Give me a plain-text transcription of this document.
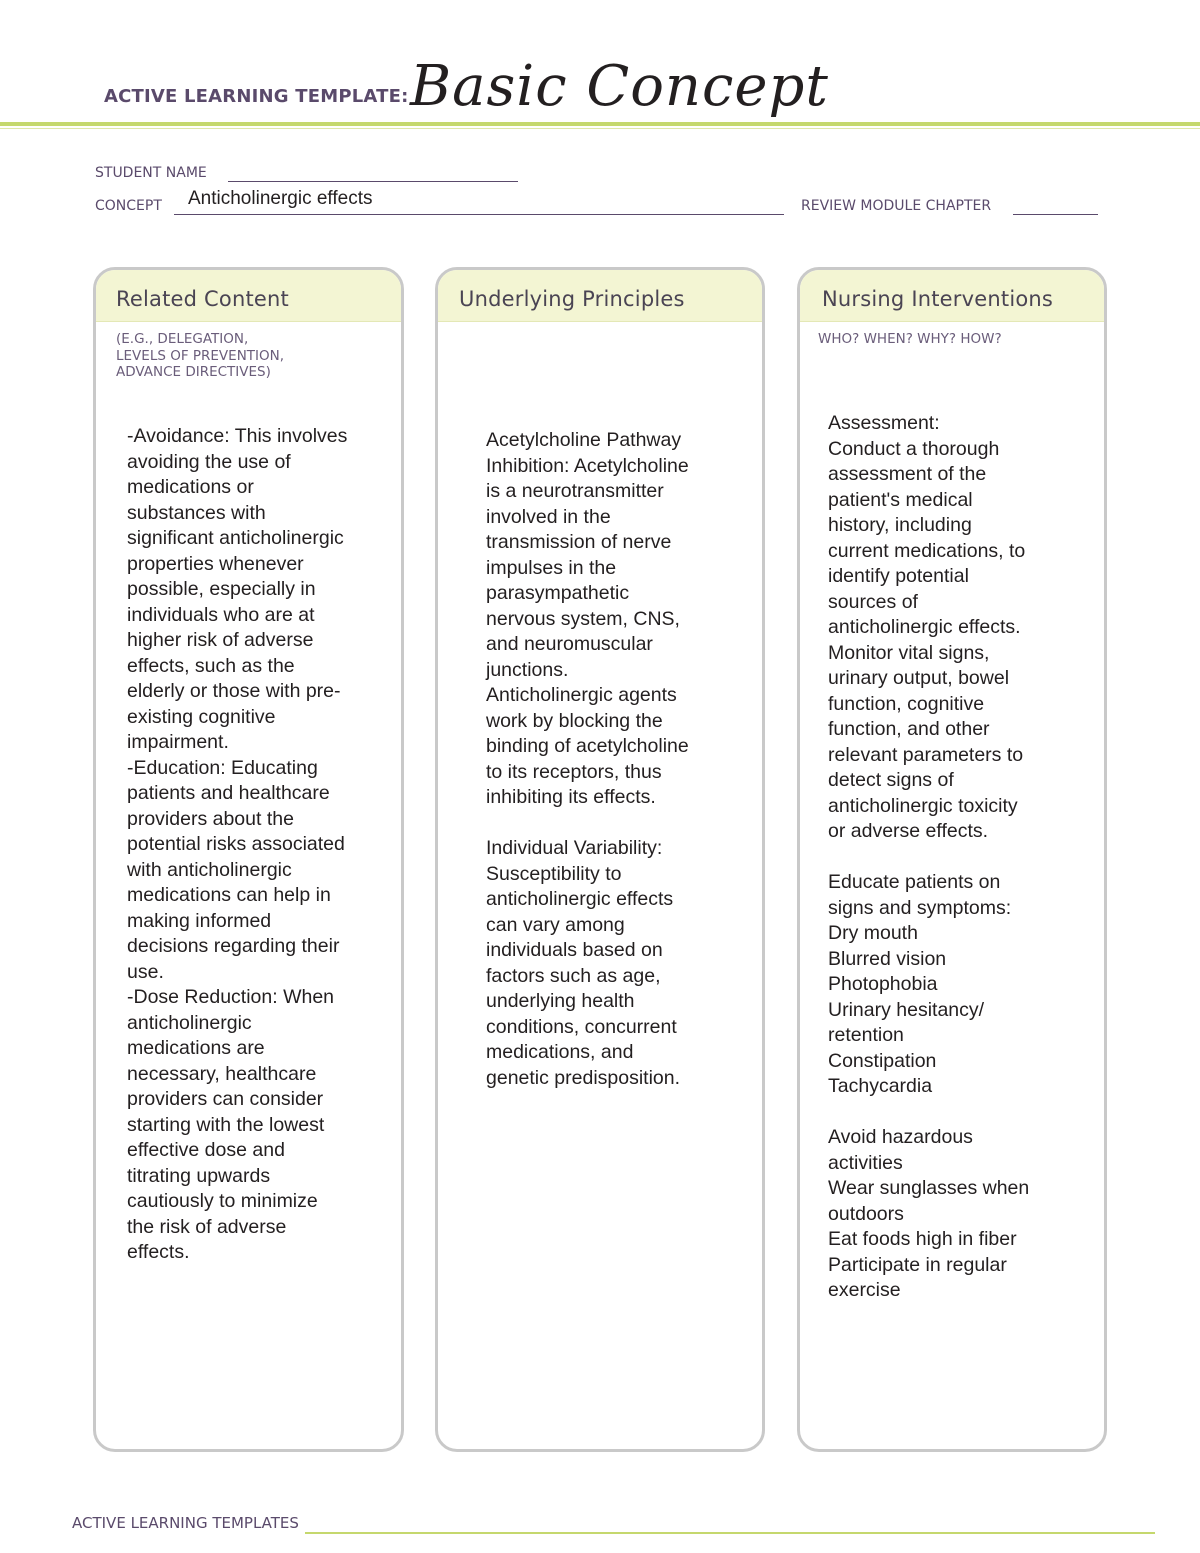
ACTIVE LEARNING TEMPLATE: Basic Concept
STUDENT NAME
CONCEPT Anticholinergic effects	REVIEW MODULE CHAPTER
Related Content
(E.G., DELEGATION,
LEVELS OF PREVENTION,
ADVANCE DIRECTIVES)
-Avoidance: This involves
avoiding the use of
medications or
substances with
significant anticholinergic
properties whenever
possible, especially in
individuals who are at
higher risk of adverse
effects, such as the
elderly or those with pre-
existing cognitive
impairment.
-Education: Educating
patients and healthcare
providers about the
potential risks associated
with anticholinergic
medications can help in
making informed
decisions regarding their
use.
-Dose Reduction: When
anticholinergic
medications are
necessary, healthcare
providers can consider
starting with the lowest
effective dose and
titrating upwards
cautiously to minimize
the risk of adverse
effects.
Underlying Principles
Acetylcholine Pathway
Inhibition: Acetylcholine
is a neurotransmitter
involved in the
transmission of nerve
impulses in the
parasympathetic
nervous system, CNS,
and neuromuscular
junctions.
Anticholinergic agents
work by blocking the
binding of acetylcholine
to its receptors, thus
inhibiting its effects.

Individual Variability:
Susceptibility to
anticholinergic effects
can vary among
individuals based on
factors such as age,
underlying health
conditions, concurrent
medications, and
genetic predisposition.
Nursing Interventions
WHO? WHEN? WHY? HOW?
Assessment:
Conduct a thorough
assessment of the
patient's medical
history, including
current medications, to
identify potential
sources of
anticholinergic effects.
Monitor vital signs,
urinary output, bowel
function, cognitive
function, and other
relevant parameters to
detect signs of
anticholinergic toxicity
or adverse effects.

Educate patients on
signs and symptoms:
Dry mouth
Blurred vision
Photophobia
Urinary hesitancy/
retention
Constipation
Tachycardia

Avoid hazardous
activities
Wear sunglasses when
outdoors
Eat foods high in fiber
Participate in regular
exercise
ACTIVE LEARNING TEMPLATES
